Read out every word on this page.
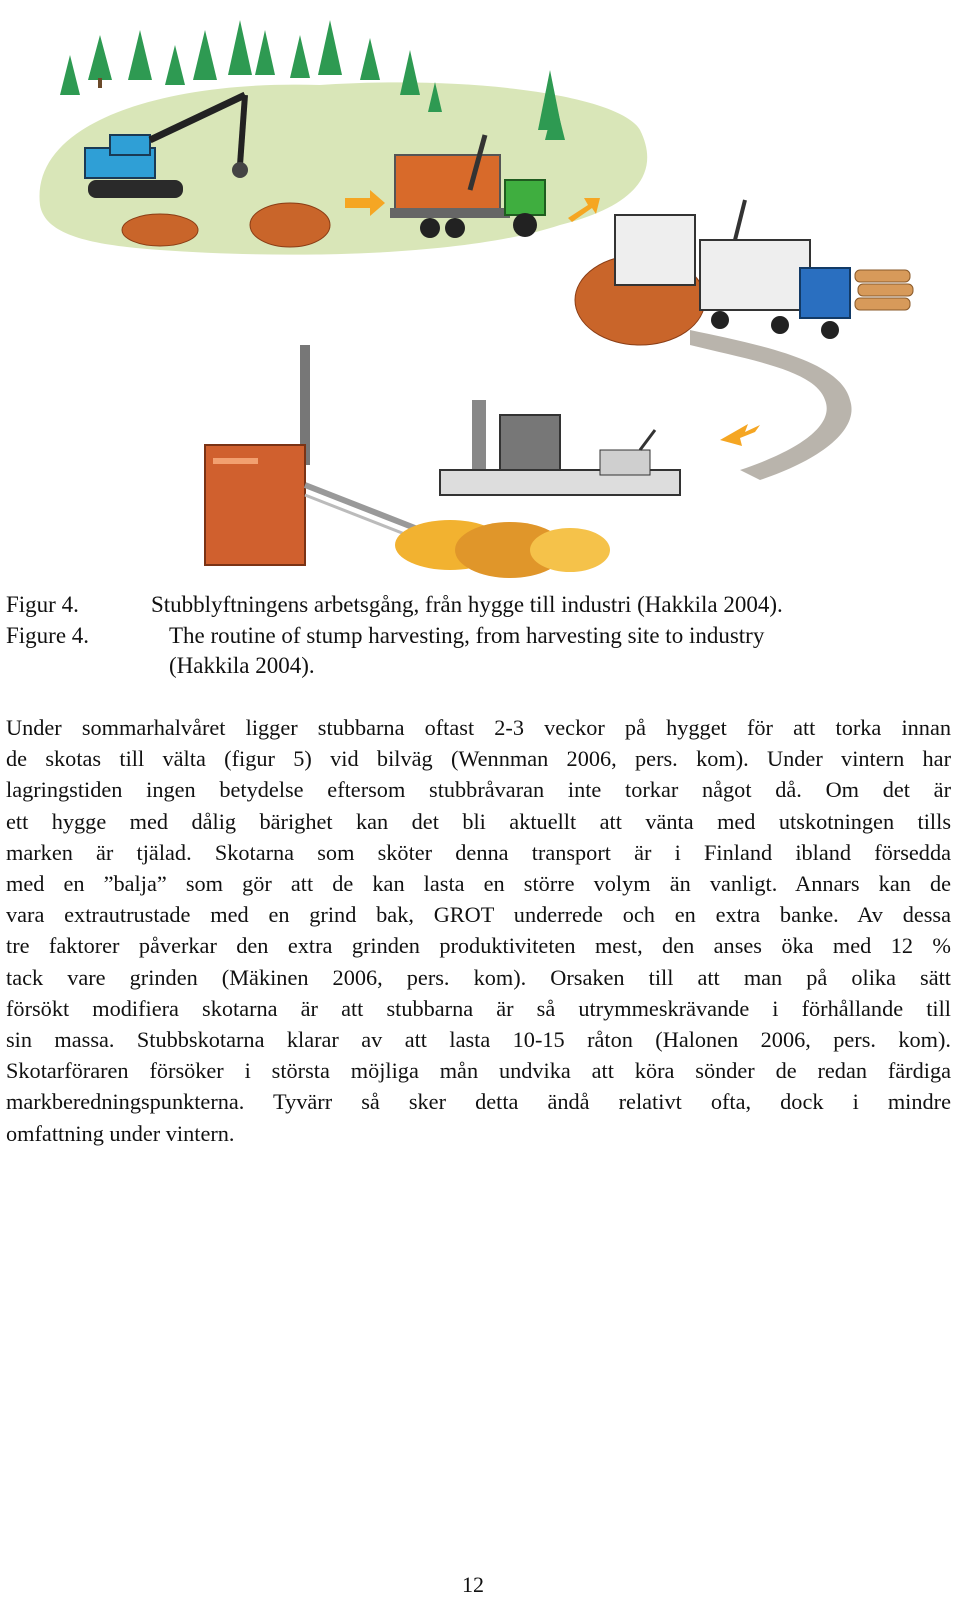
Figur 4.	Stubblyftningens arbetsgång, från hygge till industri (Hakkila 2004).
Figure 4.	The routine of stump harvesting, from harvesting site to industry
(Hakkila 2004).
Under sommarhalvåret ligger stubbarna oftast 2-3 veckor på hygget för att torka innan
de skotas till välta (figur 5) vid bilväg (Wennman 2006, pers. kom). Under vintern har
lagringstiden ingen betydelse eftersom stubbråvaran inte torkar något då. Om det är
ett hygge med dålig bärighet kan det bli aktuellt att vänta med utskotningen tills
marken är tjälad. Skotarna som sköter denna transport är i Finland ibland försedda
med en ”balja” som gör att de kan lasta en större volym än vanligt. Annars kan de
vara extrautrustade med en grind bak, GROT underrede och en extra banke. Av dessa
tre faktorer påverkar den extra grinden produktiviteten mest, den anses öka med 12 %
tack vare grinden (Mäkinen 2006, pers. kom). Orsaken till att man på olika sätt
försökt modifiera skotarna är att stubbarna är så utrymmeskrävande i förhållande till
sin massa. Stubbskotarna klarar av att lasta 10-15 råton (Halonen 2006, pers. kom).
Skotarföraren försöker i största möjliga mån undvika att köra sönder de redan färdiga
markberedningspunkterna. Tyvärr så sker detta ändå relativt ofta, dock i mindre
omfattning under vintern.
12
